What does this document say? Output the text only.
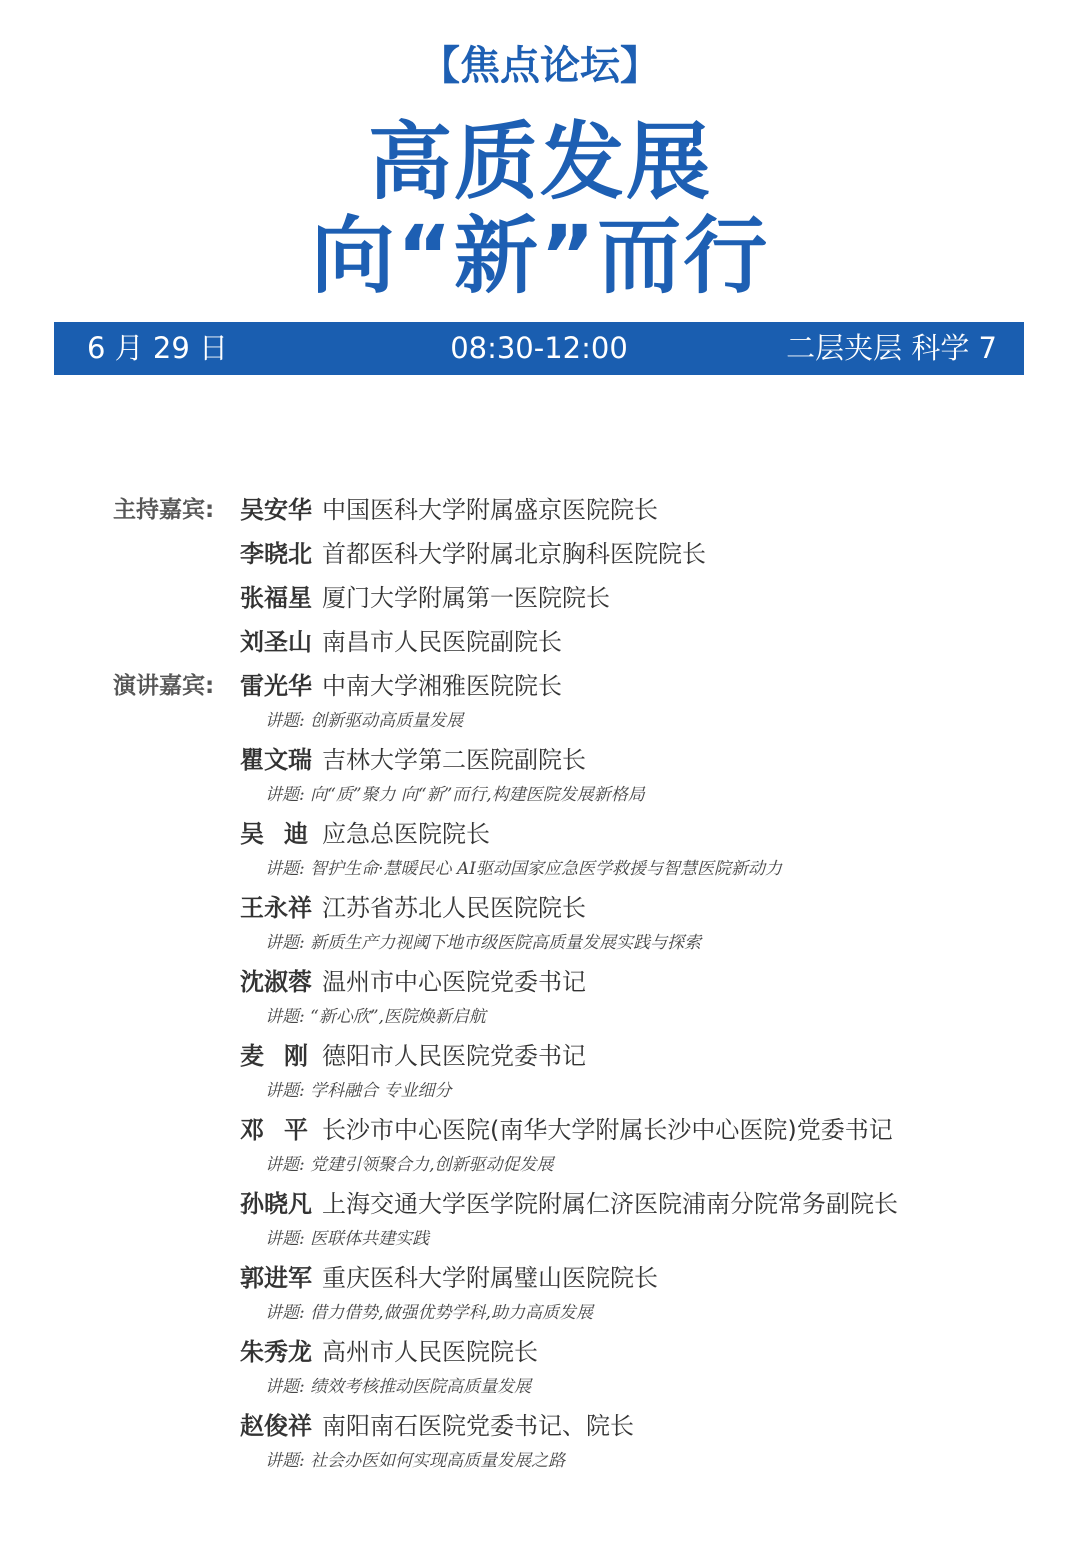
【焦点论坛】
高质发展
向“新”而行
6 月 29 日	08:30-12:00	二层夹层 科学 7
主持嘉宾: 吴安华 中国医科大学附属盛京医院院长
李晓北 首都医科大学附属北京胸科医院院长
张福星 厦门大学附属第一医院院长
刘圣山 南昌市人民医院副院长
演讲嘉宾: 雷光华 中南大学湘雅医院院长
讲题: 创新驱动高质量发展
瞿文瑞 吉林大学第二医院副院长
讲题: 向“质”聚力 向“新”而行,构建医院发展新格局
吴迪
应急总医院院长
讲题: 智护生命·慧暖民心 AI驱动国家应急医学救援与智慧医院新动力
王永祥 江苏省苏北人民医院院长
讲题: 新质生产力视阈下地市级医院高质量发展实践与探索
沈淑蓉 温州市中心医院党委书记
讲题: “新心欣”,医院焕新启航
麦刚
德阳市人民医院党委书记
讲题: 学科融合 专业细分
邓平
长沙市中心医院(南华大学附属长沙中心医院)党委书记
讲题: 党建引领聚合力,创新驱动促发展
孙晓凡 上海交通大学医学院附属仁济医院浦南分院常务副院长
讲题: 医联体共建实践
郭进军 重庆医科大学附属璧山医院院长
讲题: 借力借势,做强优势学科,助力高质发展
朱秀龙 高州市人民医院院长
讲题: 绩效考核推动医院高质量发展
赵俊祥 南阳南石医院党委书记、院长
讲题: 社会办医如何实现高质量发展之路
